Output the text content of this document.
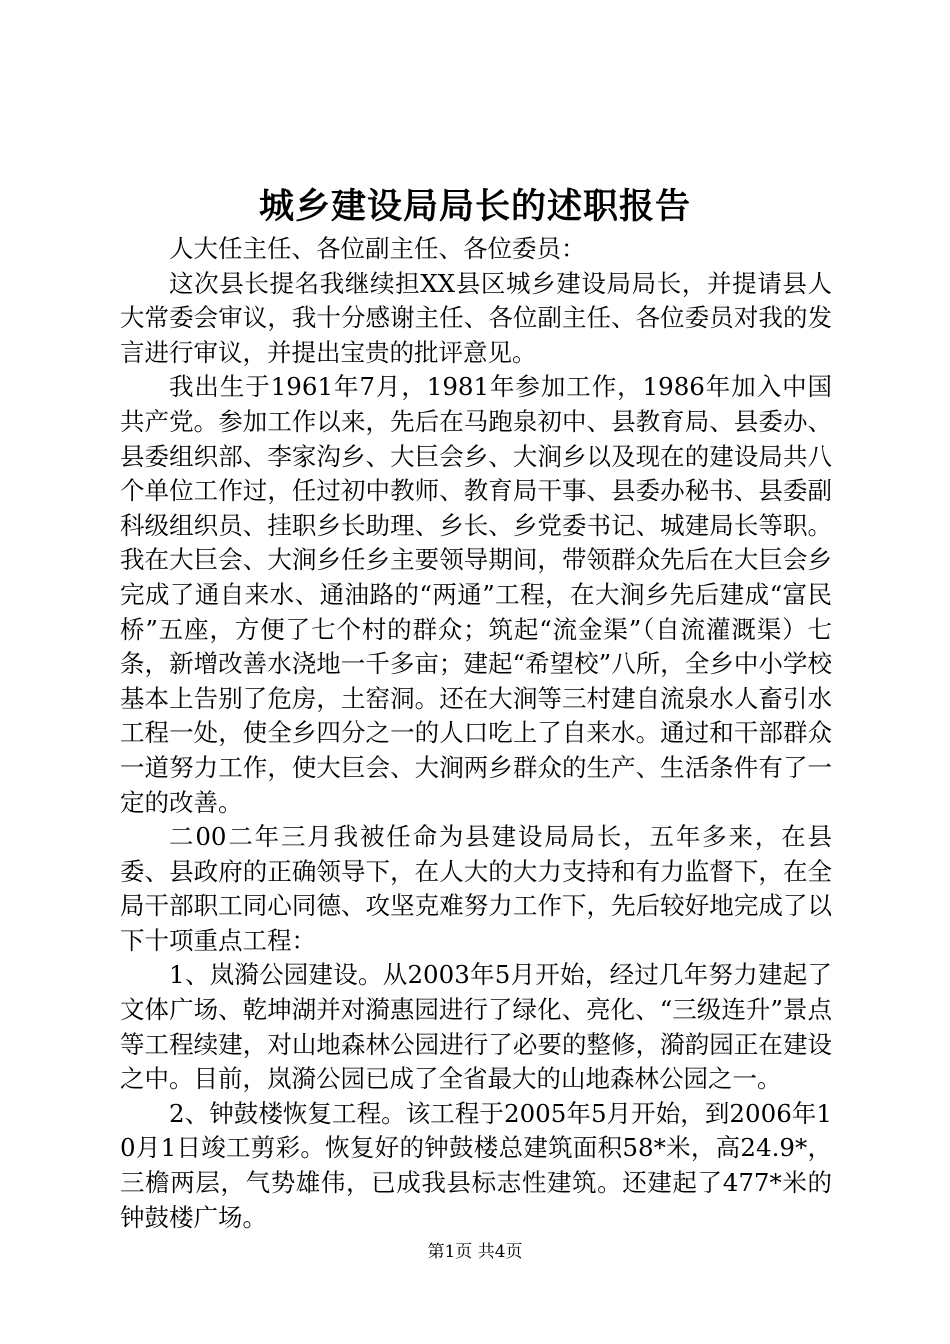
城乡建设局局长的述职报告

人大任主任、各位副主任、各位委员：

这次县长提名我继续担XX县区城乡建设局局长，并提请县人大常委会审议，我十分感谢主任、各位副主任、各位委员对我的发言进行审议，并提出宝贵的批评意见。

我出生于1961年7月，1981年参加工作，1986年加入中国共产党。参加工作以来，先后在马跑泉初中、县教育局、县委办、县委组织部、李家沟乡、大巨会乡、大涧乡以及现在的建设局共八个单位工作过，任过初中教师、教育局干事、县委办秘书、县委副科级组织员、挂职乡长助理、乡长、乡党委书记、城建局长等职。我在大巨会、大涧乡任乡主要领导期间，带领群众先后在大巨会乡完成了通自来水、通油路的“两通”工程，在大涧乡先后建成“富民桥”五座，方便了七个村的群众；筑起“流金渠”（自流灌溉渠）七条，新增改善水浇地一千多亩；建起“希望校”八所，全乡中小学校基本上告别了危房，土窑洞。还在大涧等三村建自流泉水人畜引水工程一处，使全乡四分之一的人口吃上了自来水。通过和干部群众一道努力工作，使大巨会、大涧两乡群众的生产、生活条件有了一定的改善。

二00二年三月我被任命为县建设局局长，五年多来，在县委、县政府的正确领导下，在人大的大力支持和有力监督下，在全局干部职工同心同德、攻坚克难努力工作下，先后较好地完成了以下十项重点工程：

1、岚漪公园建设。从2003年5月开始，经过几年努力建起了文体广场、乾坤湖并对漪惠园进行了绿化、亮化、“三级连升”景点等工程续建，对山地森林公园进行了必要的整修，漪韵园正在建设之中。目前，岚漪公园已成了全省最大的山地森林公园之一。

2、钟鼓楼恢复工程。该工程于2005年5月开始，到2006年10月1日竣工剪彩。恢复好的钟鼓楼总建筑面积58*米，高24.9*，三檐两层，气势雄伟，已成我县标志性建筑。还建起了477*米的钟鼓楼广场。

第1页 共4页
